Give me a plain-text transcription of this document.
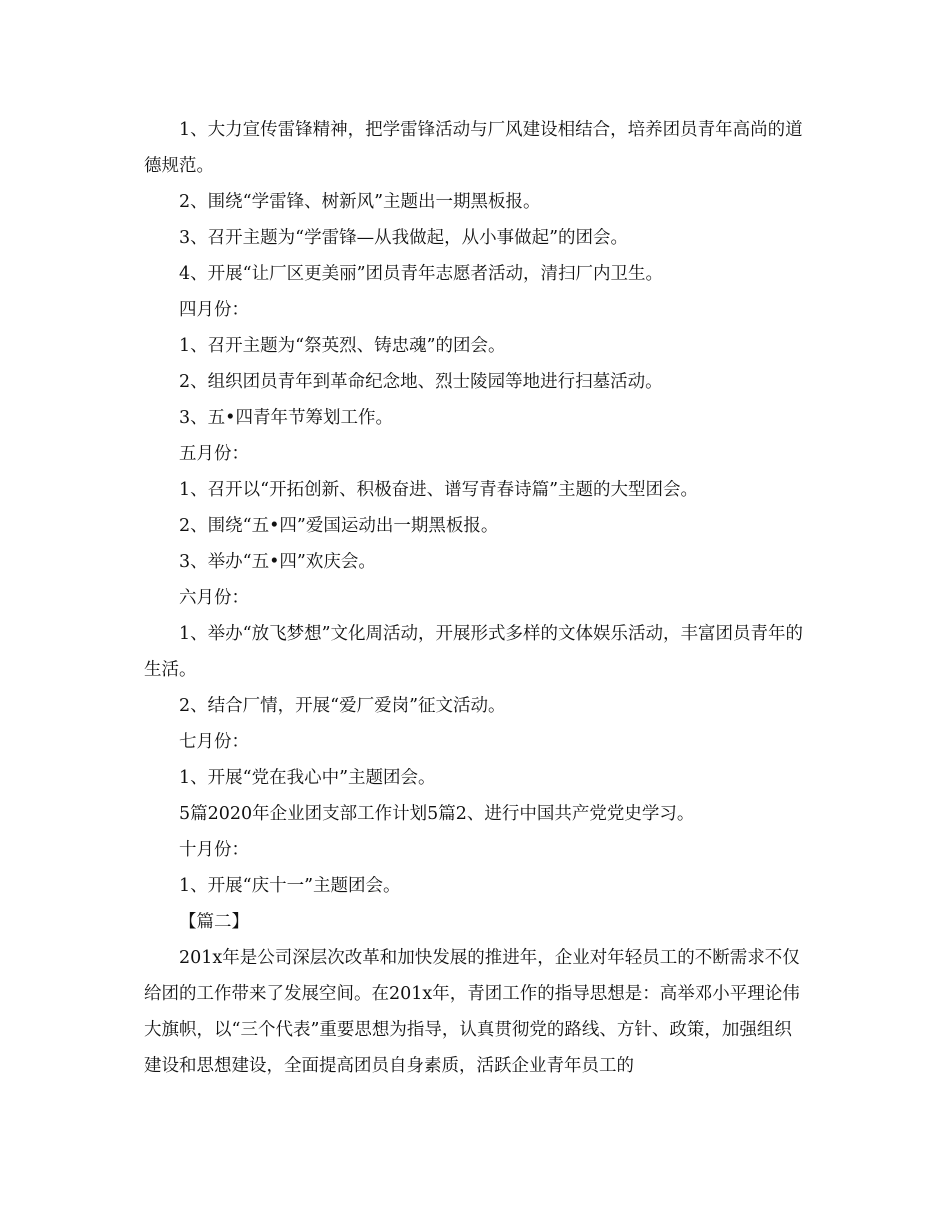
1、大力宣传雷锋精神，把学雷锋活动与厂风建设相结合，培养团员青年高尚的道德规范。

2、围绕“学雷锋、树新风”主题出一期黑板报。

3、召开主题为“学雷锋—从我做起，从小事做起”的团会。

4、开展“让厂区更美丽”团员青年志愿者活动，清扫厂内卫生。

四月份：

1、召开主题为“祭英烈、铸忠魂”的团会。

2、组织团员青年到革命纪念地、烈士陵园等地进行扫墓活动。

3、五•四青年节筹划工作。

五月份：

1、召开以“开拓创新、积极奋进、谱写青春诗篇”主题的大型团会。

2、围绕“五•四”爱国运动出一期黑板报。

3、举办“五•四”欢庆会。

六月份：

1、举办“放飞梦想”文化周活动，开展形式多样的文体娱乐活动，丰富团员青年的生活。

2、结合厂情，开展“爱厂爱岗”征文活动。

七月份：

1、开展“党在我心中”主题团会。

5篇2020年企业团支部工作计划5篇2、进行中国共产党党史学习。

十月份：

1、开展“庆十一”主题团会。

【篇二】

201x年是公司深层次改革和加快发展的推进年，企业对年轻员工的不断需求不仅给团的工作带来了发展空间。在201x年，青团工作的指导思想是：高举邓小平理论伟大旗帜，以“三个代表”重要思想为指导，认真贯彻党的路线、方针、政策，加强组织建设和思想建设，全面提高团员自身素质，活跃企业青年员工的
